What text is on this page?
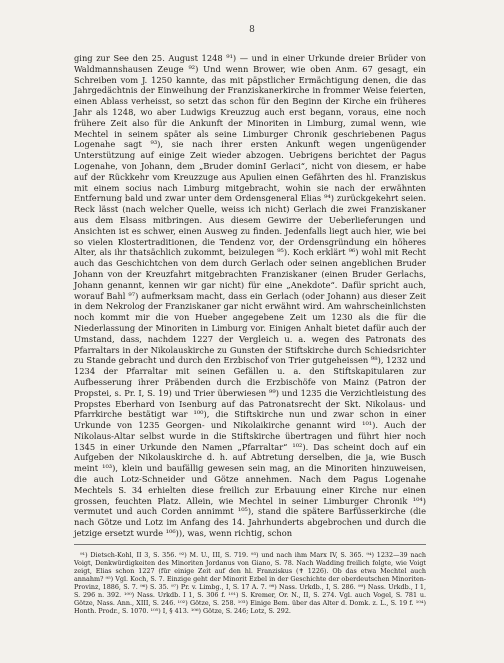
8

ging zur See den 25. August 1248 ⁹¹) — und in einer Urkunde dreier Brüder von Waldmannshausen Zeuge ⁹²) Und wenn Brower, wie oben Anm. 67 gesagt, ein Schreiben vom J. 1250 kannte, das mit päpstlicher Ermächtigung denen, die das Jahrgedächtnis der Einweihung der Franziskanerkirche in frommer Weise feierten, einen Ablass verheisst, so setzt das schon für den Beginn der Kirche ein früheres Jahr als 1248, wo aber Ludwigs Kreuzzug auch erst begann, voraus, eine noch frühere Zeit also für die Ankunft der Minoriten in Limburg, zumal wenn, wie Mechtel in seinem später als seine Limburger Chronik geschriebenen Pagus Logenahe sagt ⁹³), sie nach ihrer ersten Ankunft wegen ungenügender Unterstützung auf einige Zeit wieder abzogen. Uebrigens berichtet der Pagus Logenahe, von Johann, dem „Bruder dominI Gerlaci“, nicht von diesem, er habe auf der Rückkehr vom Kreuzzuge aus Apulien einen Gefährten des hl. Franziskus mit einem socius nach Limburg mitgebracht, wohin sie nach der erwähnten Entfernung bald und zwar unter dem Ordensgeneral Elias ⁹⁴) zurückgekehrt seien. Reck lässt (nach welcher Quelle, weiss ich nicht) Gerlach die zwei Franziskaner aus dem Elsass mitbringen. Aus diesem Gewirre der Ueberlieferungen und Ansichten ist es schwer, einen Ausweg zu finden. Jedenfalls liegt auch hier, wie bei so vielen Klostertraditionen, die Tendenz vor, der Ordensgründung ein höheres Alter, als ihr thatsächlich zukommt, beizulegen ⁹⁵). Koch erklärt ⁹⁶) wohl mit Recht auch das Geschichtchen von dem durch Gerlach oder seinen angeblichen Bruder Johann von der Kreuzfahrt mitgebrachten Franziskaner (einen Bruder Gerlachs, Johann genannt, kennen wir gar nicht) für eine „Anekdote“. Dafür spricht auch, worauf Bahl ⁹⁷) aufmerksam macht, dass ein Gerlach (oder Johann) aus dieser Zeit in dem Nekrolog der Franziskaner gar nicht erwähnt wird. Am wahrscheinlichsten noch kommt mir die von Hueber angegebene Zeit um 1230 als die für die Niederlassung der Minoriten in Limburg vor. Einigen Anhalt bietet dafür auch der Umstand, dass, nachdem 1227 der Vergleich u. a. wegen des Patronats des Pfarraltars in der Nikolauskirche zu Gunsten der Stiftskirche durch Schiedsrichter zu Stande gebracht und durch den Erzbischof von Trier gutgeheissen ⁹⁸), 1232 und 1234 der Pfarraltar mit seinen Gefällen u. a. den Stiftskapitularen zur Aufbesserung ihrer Präbenden durch die Erzbischöfe von Mainz (Patron der Propstei, s. Pr. I, S. 19) und Trier überwiesen ⁹⁹) und 1235 die Verzichtleistung des Propstes Eberhard von Isenburg auf das Patronatsrecht der Skt. Nikolaus- und Pfarrkirche bestätigt war ¹⁰⁰), die Stiftskirche nun und zwar schon in einer Urkunde von 1235 Georgen- und Nikolaikirche genannt wird ¹⁰¹). Auch der Nikolaus-Altar selbst wurde in die Stiftskirche übertragen und führt hier noch 1345 in einer Urkunde den Namen „Pfarraltar“ ¹⁰²). Das scheint doch auf ein Aufgeben der Nikolauskirche d. h. auf Abtretung derselben, die ja, wie Busch meint ¹⁰³), klein und baufällig gewesen sein mag, an die Minoriten hinzuweisen, die auch Lotz-Schneider und Götze annehmen. Nach dem Pagus Logenahe Mechtels S. 34 erhielten diese freilich zur Erbauung einer Kirche nur einen grossen, feuchten Platz. Allein, wie Mechtel in seiner Limburger Chronik ¹⁰⁴) vermutet und auch Corden annimmt ¹⁰⁵), stand die spätere Barfüsserkirche (die nach Götze und Lotz im Anfang des 14. Jahrhunderts abgebrochen und durch die jetzige ersetzt wurde ¹⁰⁶)), was, wenn richtig, schon

⁹¹) Dietsch-Kohl, II 3, S. 356. ⁹²) M. U., III, S. 719. ⁹³) und nach ihm Marx IV, S. 365. ⁹⁴) 1232—39 nach Voigt, Denkwürdigkeiten des Minoriten Jordanus von Giano, S. 78. Nach Wadding freilich folgte, wie Voigt zeigt, Elias schon 1227 (für einige Zeit auf den hl. Franziskus (✝ 1226). Ob das etwa Mechtel auch annahm? ⁹⁵) Vgl. Koch, S. 7. Einzige geht der Minorit Ezbel in der Geschichte der oberdeutschen Minoriten-Provinz, 1886, S. 7. ⁹⁶) S. 35. ⁹⁷) Pr. v. Limbg., I, S. 17 A. 7. ⁹⁸) Nass. Urkdb., I, S. 286. ⁹⁹) Nass. Urkdb., I 1, S. 296 n. 392. ¹⁰⁰) Nass. Urkdb. I 1, S. 306 f. ¹⁰¹) S. Kremer, Or. N., II, S. 274. Vgl. auch Vogel, S. 781 u. Götze, Nass. Ann., XIII, S. 246. ¹⁰²) Götze, S. 258. ¹⁰³) Einige Bem. über das Alter d. Domk. z. L., S. 19 f. ¹⁰⁴) Honth. Prodr., S. 1070. ¹⁰⁵) I, § 413. ¹⁰⁶) Götze, S. 246; Lotz, S. 292.
